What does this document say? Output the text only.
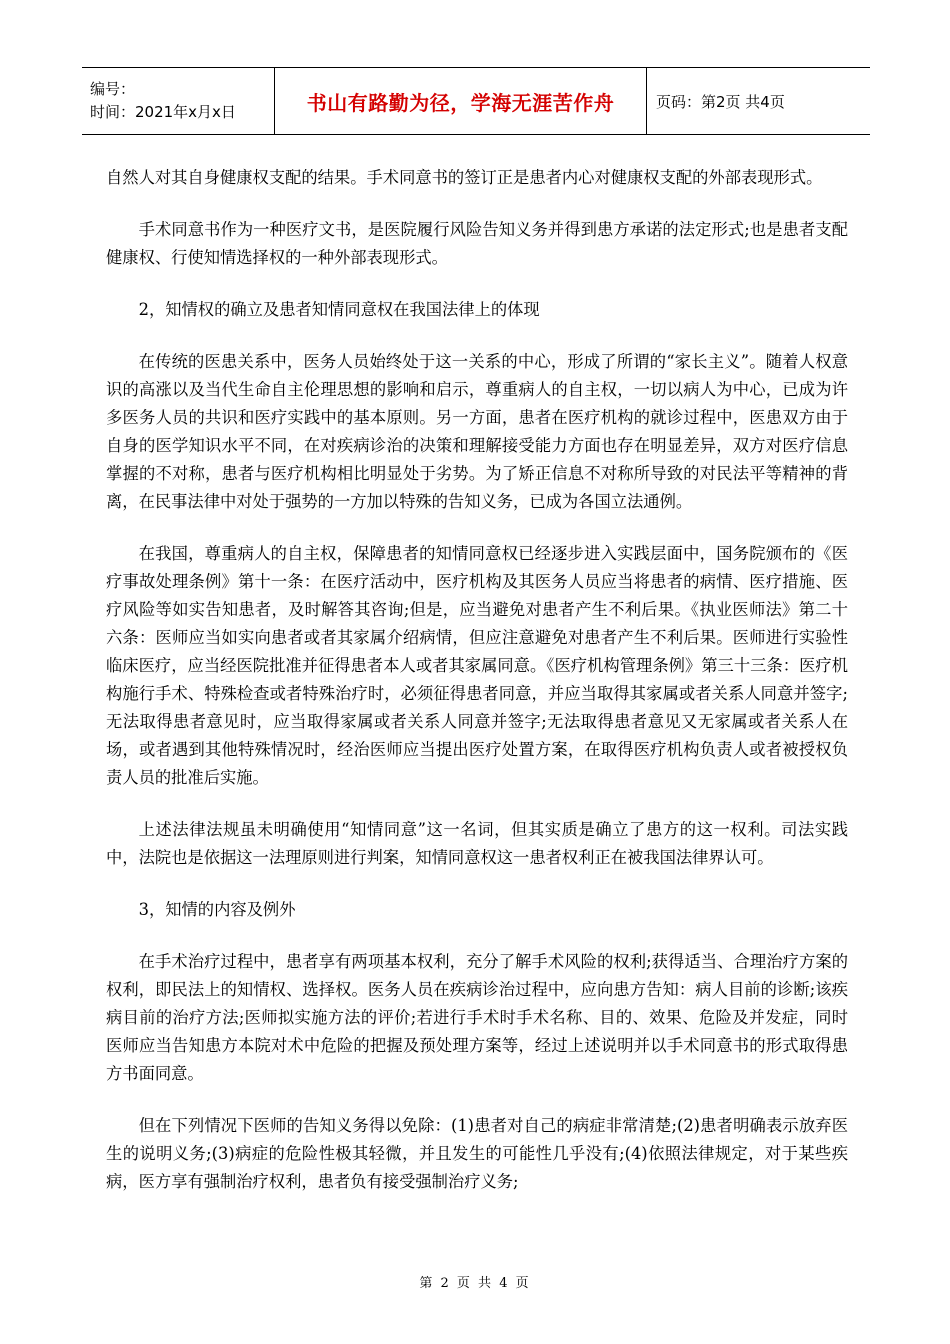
编号：
时间：2021年x月x日	书山有路勤为径，学海无涯苦作舟	页码：第2页 共4页

自然人对其自身健康权支配的结果。手术同意书的签订正是患者内心对健康权支配的外部表现形式。

手术同意书作为一种医疗文书，是医院履行风险告知义务并得到患方承诺的法定形式;也是患者支配健康权、行使知情选择权的一种外部表现形式。

2，知情权的确立及患者知情同意权在我国法律上的体现

在传统的医患关系中，医务人员始终处于这一关系的中心，形成了所谓的“家长主义”。随着人权意识的高涨以及当代生命自主伦理思想的影响和启示，尊重病人的自主权，一切以病人为中心，已成为许多医务人员的共识和医疗实践中的基本原则。另一方面，患者在医疗机构的就诊过程中，医患双方由于自身的医学知识水平不同，在对疾病诊治的决策和理解接受能力方面也存在明显差异，双方对医疗信息掌握的不对称，患者与医疗机构相比明显处于劣势。为了矫正信息不对称所导致的对民法平等精神的背离，在民事法律中对处于强势的一方加以特殊的告知义务，已成为各国立法通例。

在我国，尊重病人的自主权，保障患者的知情同意权已经逐步进入实践层面中，国务院颁布的《医疗事故处理条例》第十一条：在医疗活动中，医疗机构及其医务人员应当将患者的病情、医疗措施、医疗风险等如实告知患者，及时解答其咨询;但是，应当避免对患者产生不利后果。《执业医师法》第二十六条：医师应当如实向患者或者其家属介绍病情，但应注意避免对患者产生不利后果。医师进行实验性临床医疗，应当经医院批准并征得患者本人或者其家属同意。《医疗机构管理条例》第三十三条：医疗机构施行手术、特殊检查或者特殊治疗时，必须征得患者同意，并应当取得其家属或者关系人同意并签字;无法取得患者意见时，应当取得家属或者关系人同意并签字;无法取得患者意见又无家属或者关系人在场，或者遇到其他特殊情况时，经治医师应当提出医疗处置方案，在取得医疗机构负责人或者被授权负责人员的批准后实施。

上述法律法规虽未明确使用“知情同意”这一名词，但其实质是确立了患方的这一权利。司法实践中，法院也是依据这一法理原则进行判案，知情同意权这一患者权利正在被我国法律界认可。

3，知情的内容及例外

在手术治疗过程中，患者享有两项基本权利，充分了解手术风险的权利;获得适当、合理治疗方案的权利，即民法上的知情权、选择权。医务人员在疾病诊治过程中，应向患方告知：病人目前的诊断;该疾病目前的治疗方法;医师拟实施方法的评价;若进行手术时手术名称、目的、效果、危险及并发症，同时医师应当告知患方本院对术中危险的把握及预处理方案等，经过上述说明并以手术同意书的形式取得患方书面同意。

但在下列情况下医师的告知义务得以免除：(1)患者对自己的病症非常清楚;(2)患者明确表示放弃医生的说明义务;(3)病症的危险性极其轻微，并且发生的可能性几乎没有;(4)依照法律规定，对于某些疾病，医方享有强制治疗权利，患者负有接受强制治疗义务;

第 2 页 共 4 页
